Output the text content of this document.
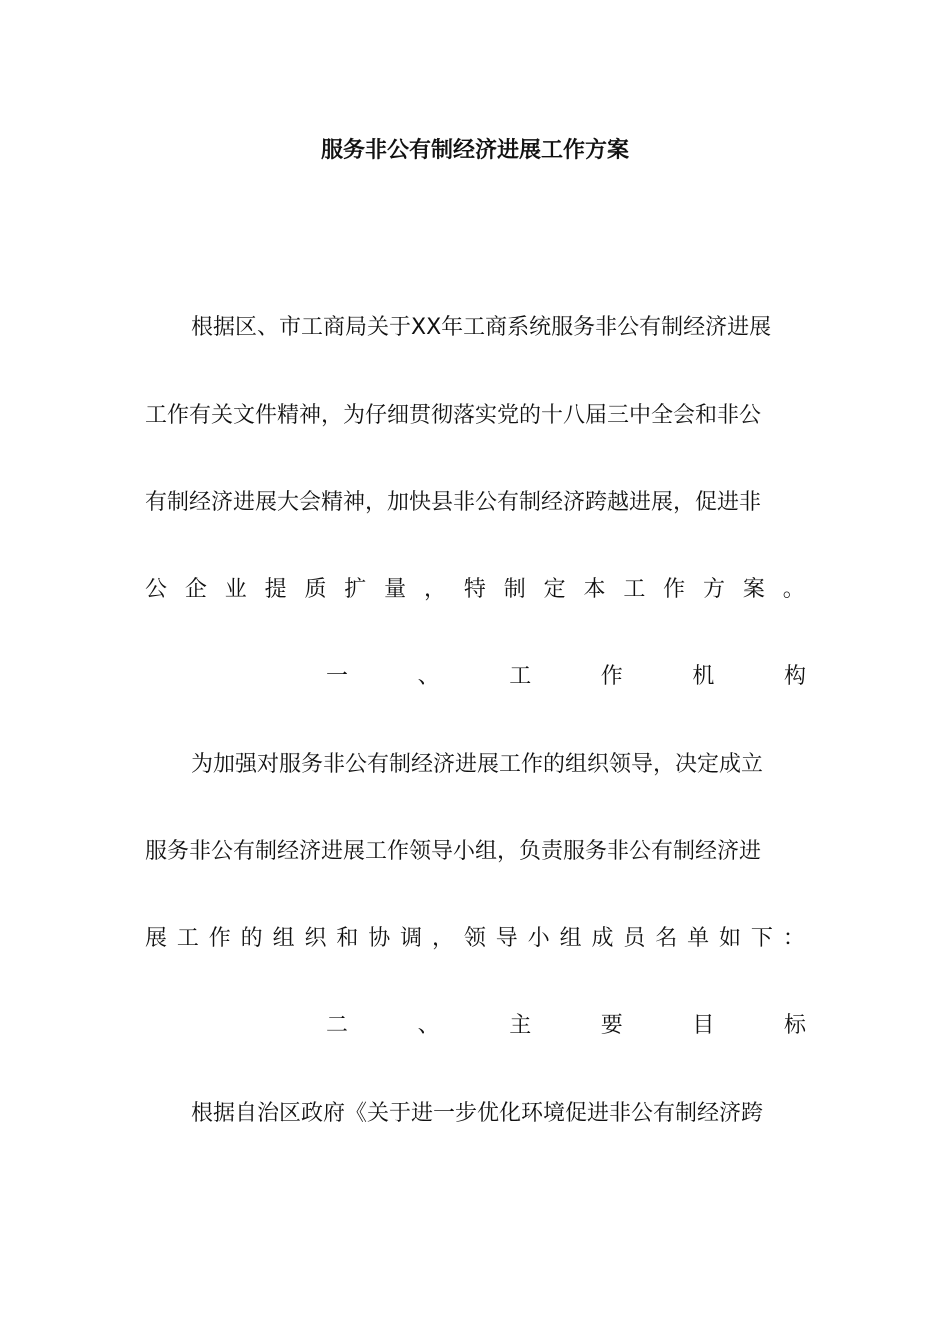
服务非公有制经济进展工作方案
根据区、市工商局关于XX年工商系统服务非公有制经济进展
工作有关文件精神，为仔细贯彻落实党的十八届三中全会和非公
有制经济进展大会精神，加快县非公有制经济跨越进展，促进非
公 企 业 提 质 扩 量 ， 特 制 定 本 工 作 方 案 。
一	、	工	作	机	构
为加强对服务非公有制经济进展工作的组织领导，决定成立
服务非公有制经济进展工作领导小组，负责服务非公有制经济进
展 工 作 的 组 织 和 协 调 ， 领 导 小 组 成 员 名 单 如 下 ：
二	、	主	要	目	标
根据自治区政府《关于进一步优化环境促进非公有制经济跨
